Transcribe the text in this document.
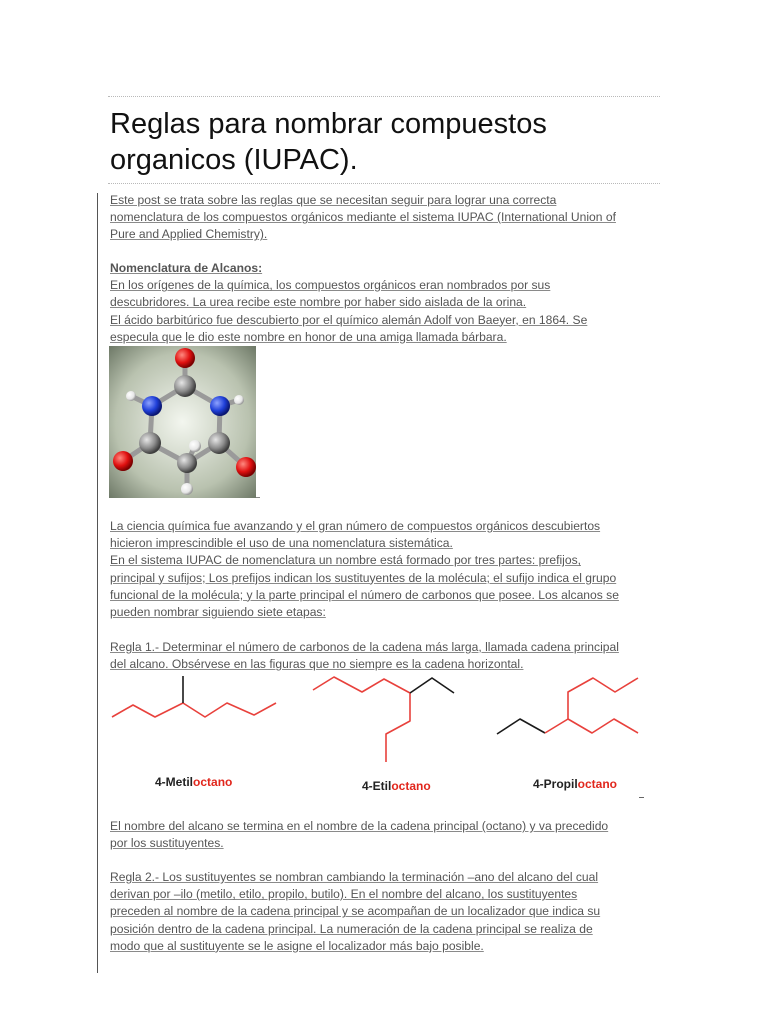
Reglas para nombrar compuestos
organicos (IUPAC).
Este post se trata sobre las reglas que se necesitan seguir para lograr una correcta
nomenclatura de los compuestos orgánicos mediante el sistema IUPAC (International Union of
Pure and Applied Chemistry).
Nomenclatura de Alcanos:
En los orígenes de la química, los compuestos orgánicos eran nombrados por sus
descubridores. La urea recibe este nombre por haber sido aislada de la orina.
El ácido barbitúrico fue descubierto por el químico alemán Adolf von Baeyer, en 1864. Se
especula que le dio este nombre en honor de una amiga llamada bárbara.
La ciencia química fue avanzando y el gran número de compuestos orgánicos descubiertos
hicieron imprescindible el uso de una nomenclatura sistemática.
En el sistema IUPAC de nomenclatura un nombre está formado por tres partes: prefijos,
principal y sufijos; Los prefijos indican los sustituyentes de la molécula; el sufijo indica el grupo
funcional de la molécula; y la parte principal el número de carbonos que posee. Los alcanos se
pueden nombrar siguiendo siete etapas:
Regla 1.- Determinar el número de carbonos de la cadena más larga, llamada cadena principal
del alcano. Obsérvese en las figuras que no siempre es la cadena horizontal.
4-Metiloctano	4-Etiloctano	4-Propiloctano
El nombre del alcano se termina en el nombre de la cadena principal (octano) y va precedido
por los sustituyentes.
Regla 2.- Los sustituyentes se nombran cambiando la terminación –ano del alcano del cual
derivan por –ilo (metilo, etilo, propilo, butilo). En el nombre del alcano, los sustituyentes
preceden al nombre de la cadena principal y se acompañan de un localizador que indica su
posición dentro de la cadena principal. La numeración de la cadena principal se realiza de
modo que al sustituyente se le asigne el localizador más bajo posible.
